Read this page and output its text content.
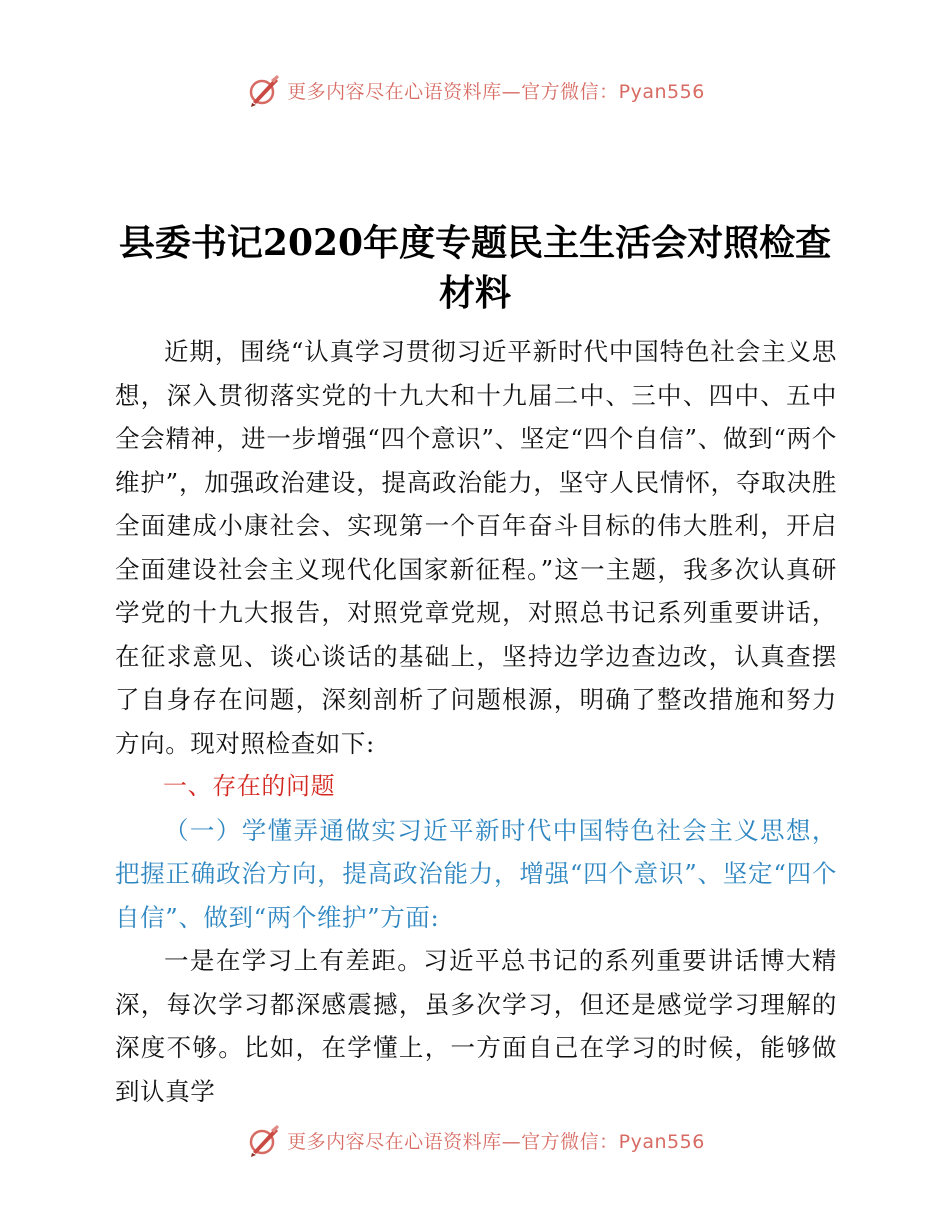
更多内容尽在心语资料库—官方微信：Pyan556
县委书记2020年度专题民主生活会对照检查材料

近期，围绕“认真学习贯彻习近平新时代中国特色社会主义思想，深入贯彻落实党的十九大和十九届二中、三中、四中、五中全会精神，进一步增强“四个意识”、坚定“四个自信”、做到“两个维护”，加强政治建设，提高政治能力，坚守人民情怀，夺取决胜全面建成小康社会、实现第一个百年奋斗目标的伟大胜利，开启全面建设社会主义现代化国家新征程。”这一主题，我多次认真研学党的十九大报告，对照党章党规，对照总书记系列重要讲话，在征求意见、谈心谈话的基础上，坚持边学边查边改，认真查摆了自身存在问题，深刻剖析了问题根源，明确了整改措施和努力方向。现对照检查如下:

一、存在的问题

（一）学懂弄通做实习近平新时代中国特色社会主义思想，把握正确政治方向，提高政治能力，增强“四个意识”、坚定“四个自信”、做到“两个维护”方面:

一是在学习上有差距。习近平总书记的系列重要讲话博大精深，每次学习都深感震撼，虽多次学习，但还是感觉学习理解的深度不够。比如，在学懂上，一方面自己在学习的时候，能够做到认真学

更多内容尽在心语资料库—官方微信：Pyan556
